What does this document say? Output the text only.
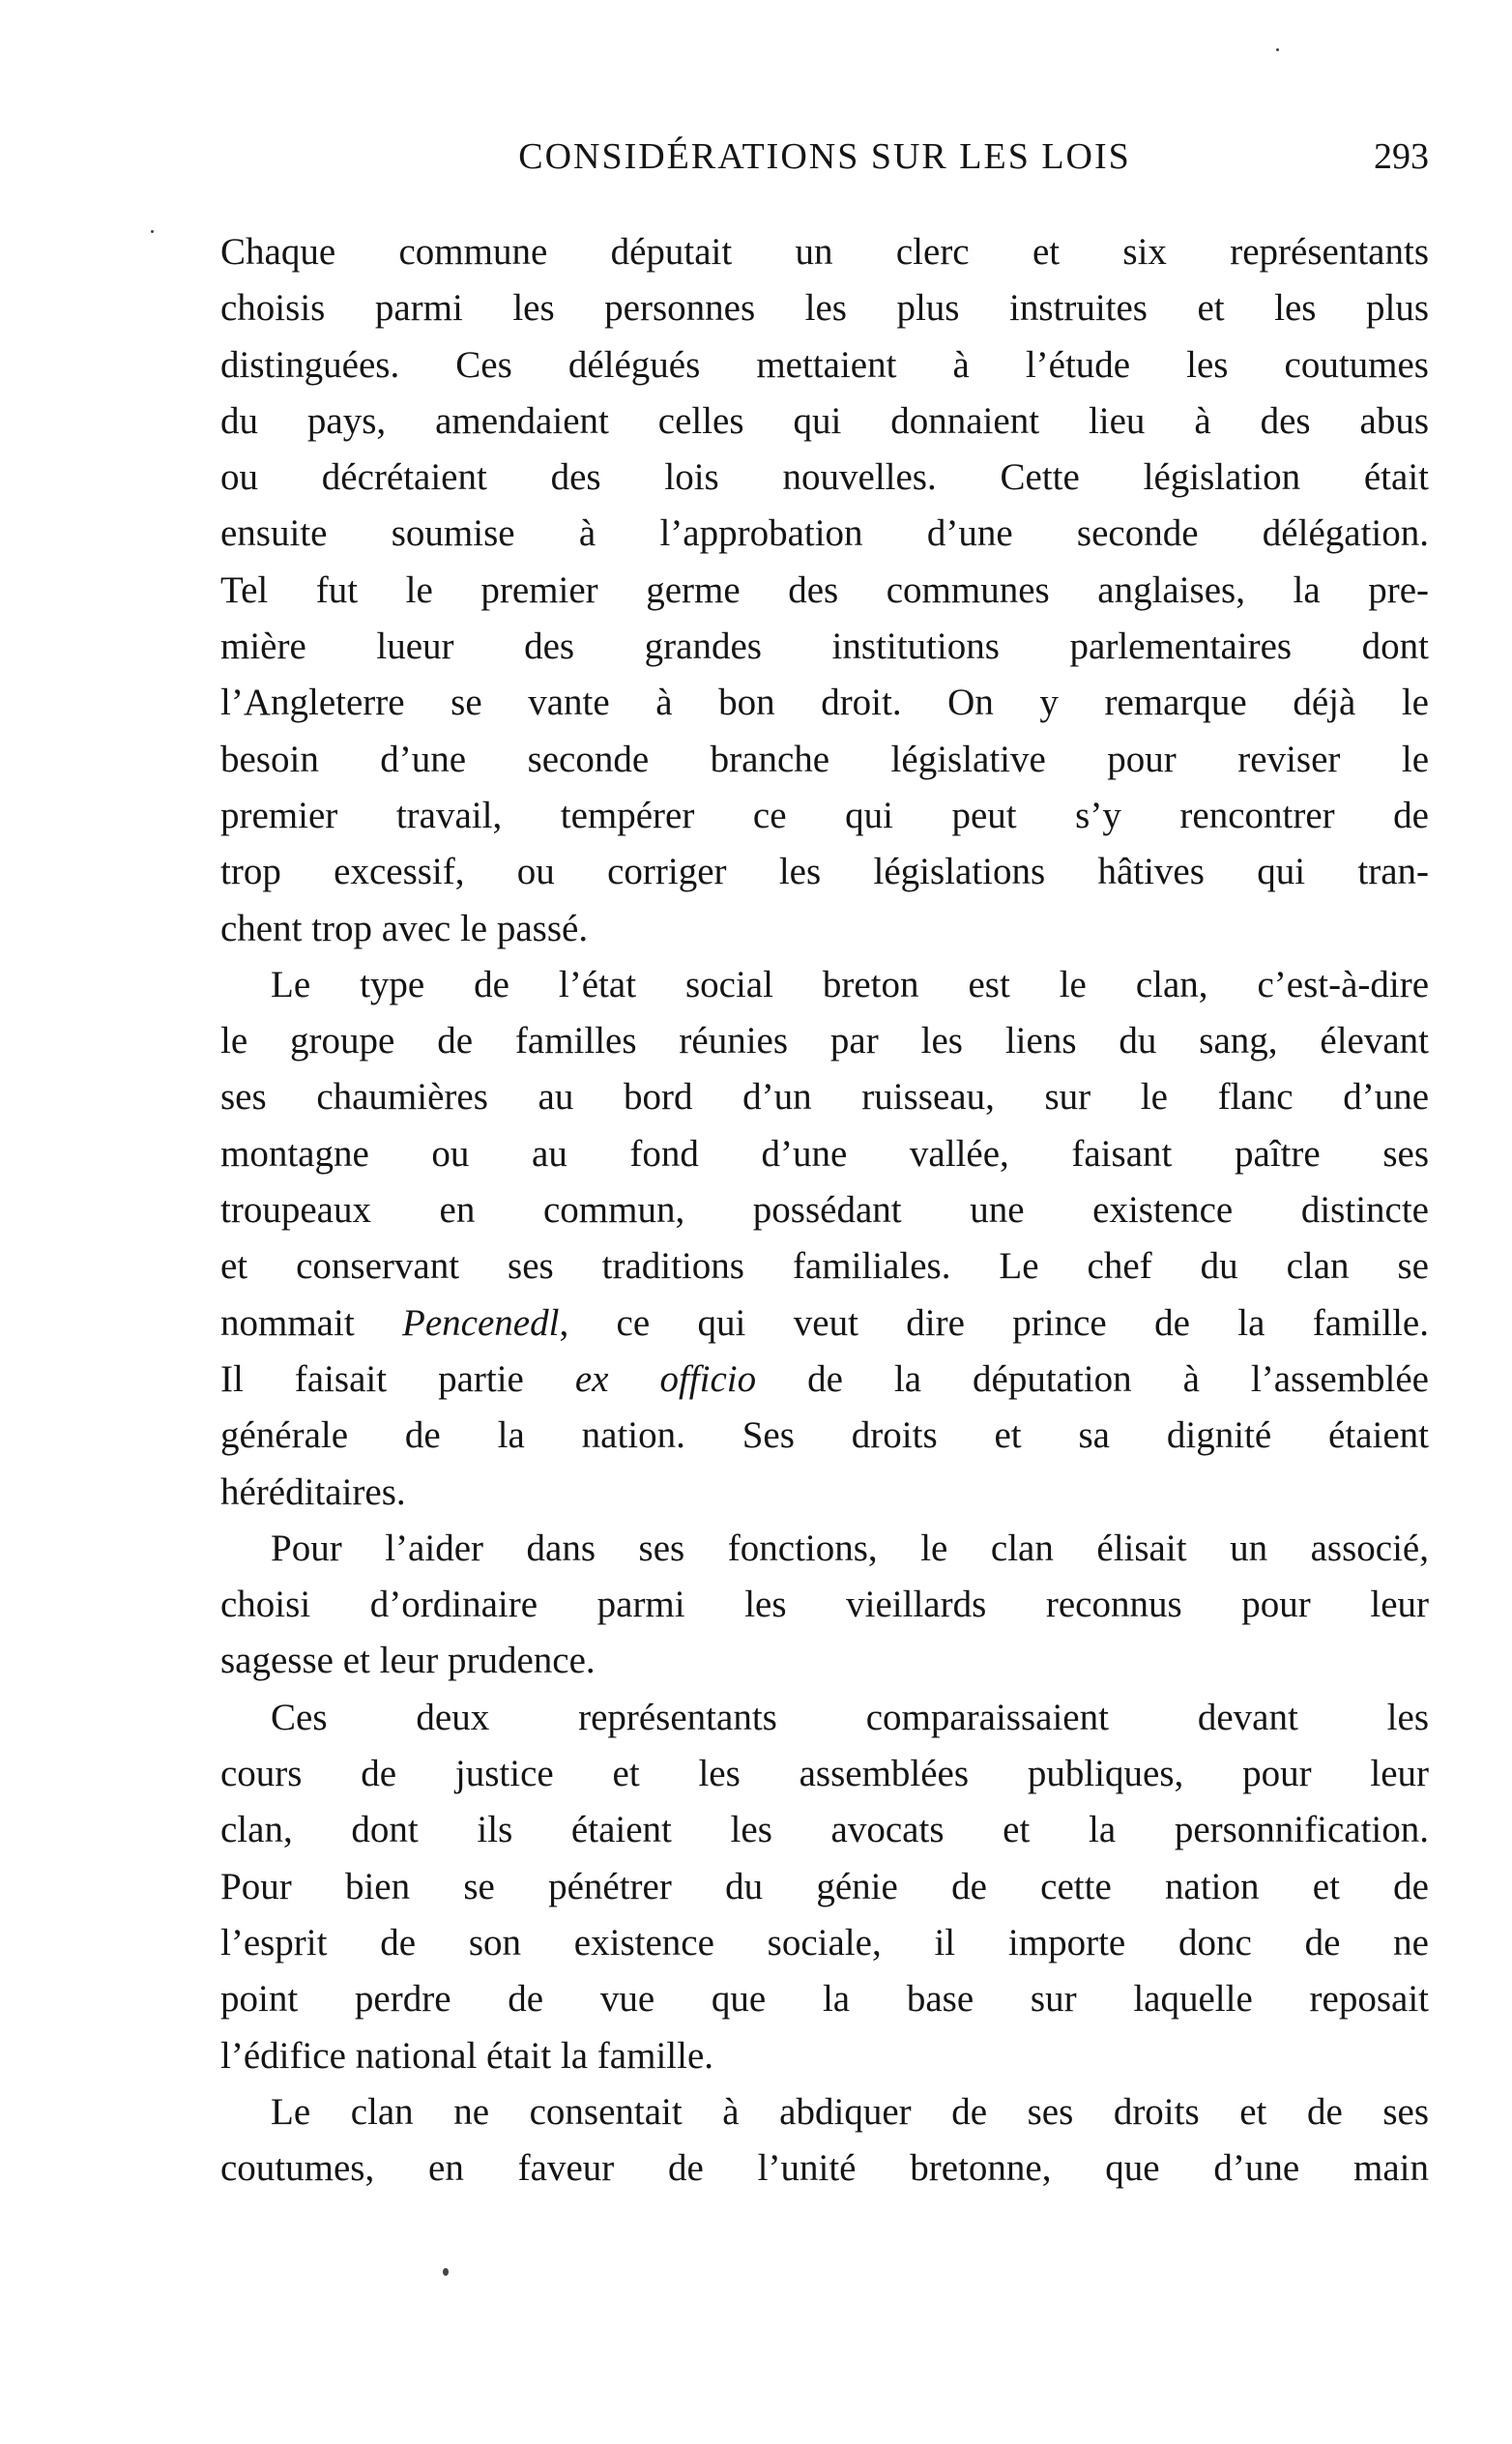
CONSIDÉRATIONS SUR LES LOIS	293

Chaque commune députait un clerc et six représentants
choisis parmi les personnes les plus instruites et les plus
distinguées. Ces délégués mettaient à l’étude les coutumes
du pays, amendaient celles qui donnaient lieu à des abus
ou décrétaient des lois nouvelles. Cette législation était
ensuite soumise à l’approbation d’une seconde délégation.
Tel fut le premier germe des communes anglaises, la pre-
mière lueur des grandes institutions parlementaires dont
l’Angleterre se vante à bon droit. On y remarque déjà le
besoin d’une seconde branche législative pour reviser le
premier travail, tempérer ce qui peut s’y rencontrer de
trop excessif, ou corriger les législations hâtives qui tran-
chent trop avec le passé.

Le type de l’état social breton est le clan, c’est-à-dire
le groupe de familles réunies par les liens du sang, élevant
ses chaumières au bord d’un ruisseau, sur le flanc d’une
montagne ou au fond d’une vallée, faisant paître ses
troupeaux en commun, possédant une existence distincte
et conservant ses traditions familiales. Le chef du clan se
nommait Pencenedl, ce qui veut dire prince de la famille.
Il faisait partie ex officio de la députation à l’assemblée
générale de la nation. Ses droits et sa dignité étaient
héréditaires.

Pour l’aider dans ses fonctions, le clan élisait un associé,
choisi d’ordinaire parmi les vieillards reconnus pour leur
sagesse et leur prudence.

Ces deux représentants comparaissaient devant les
cours de justice et les assemblées publiques, pour leur
clan, dont ils étaient les avocats et la personnification.
Pour bien se pénétrer du génie de cette nation et de
l’esprit de son existence sociale, il importe donc de ne
point perdre de vue que la base sur laquelle reposait
l’édifice national était la famille.

Le clan ne consentait à abdiquer de ses droits et de ses
coutumes, en faveur de l’unité bretonne, que d’une main
